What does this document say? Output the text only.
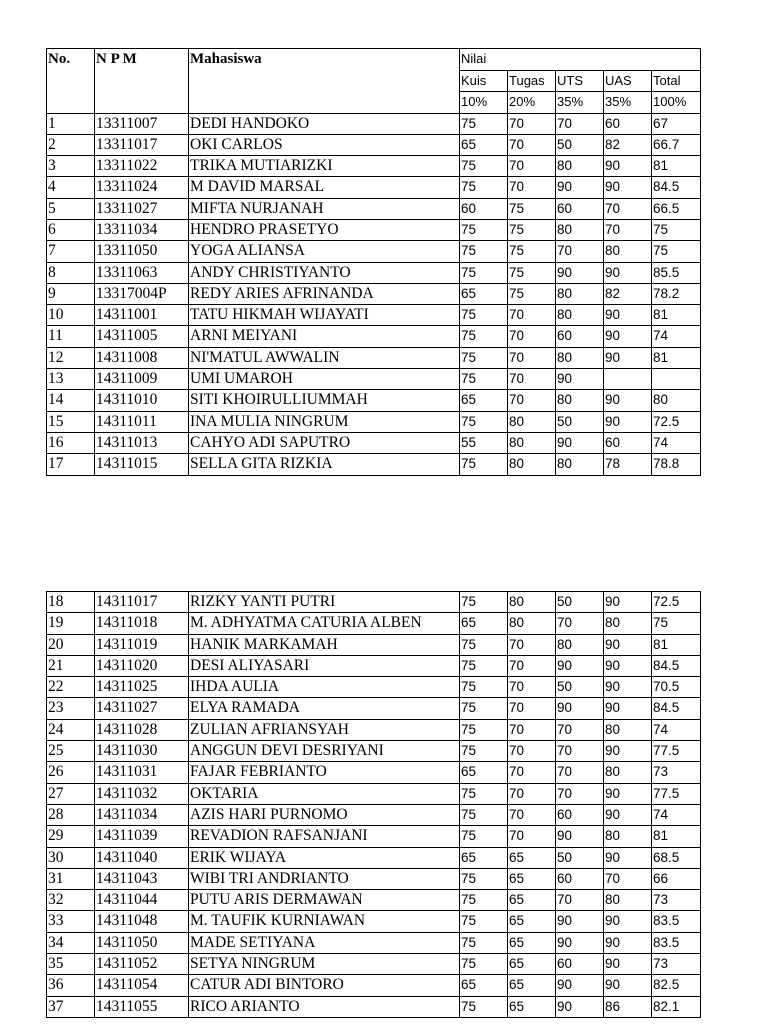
No.	N P M	Mahasiswa	Nilai				
			Kuis	Tugas	UTS	UAS	Total
			10%	20%	35%	35%	100%
1	13311007	DEDI HANDOKO	75	70	70	60	67
2	13311017	OKI CARLOS	65	70	50	82	66.7
3	13311022	TRIKA MUTIARIZKI	75	70	80	90	81
4	13311024	M DAVID MARSAL	75	70	90	90	84.5
5	13311027	MIFTA NURJANAH	60	75	60	70	66.5
6	13311034	HENDRO PRASETYO	75	75	80	70	75
7	13311050	YOGA ALIANSA	75	75	70	80	75
8	13311063	ANDY CHRISTIYANTO	75	75	90	90	85.5
9	13317004P	REDY ARIES AFRINANDA	65	75	80	82	78.2
10	14311001	TATU HIKMAH WIJAYATI	75	70	80	90	81
11	14311005	ARNI MEIYANI	75	70	60	90	74
12	14311008	NI'MATUL AWWALIN	75	70	80	90	81
13	14311009	UMI UMAROH	75	70	90		
14	14311010	SITI KHOIRULLIUMMAH	65	70	80	90	80
15	14311011	INA MULIA NINGRUM	75	80	50	90	72.5
16	14311013	CAHYO ADI SAPUTRO	55	80	90	60	74
17	14311015	SELLA GITA RIZKIA	75	80	80	78	78.8
18	14311017	RIZKY YANTI PUTRI	75	80	50	90	72.5
19	14311018	M. ADHYATMA CATURIA ALBEN	65	80	70	80	75
20	14311019	HANIK MARKAMAH	75	70	80	90	81
21	14311020	DESI ALIYASARI	75	70	90	90	84.5
22	14311025	IHDA AULIA	75	70	50	90	70.5
23	14311027	ELYA RAMADA	75	70	90	90	84.5
24	14311028	ZULIAN AFRIANSYAH	75	70	70	80	74
25	14311030	ANGGUN DEVI DESRIYANI	75	70	70	90	77.5
26	14311031	FAJAR FEBRIANTO	65	70	70	80	73
27	14311032	OKTARIA	75	70	70	90	77.5
28	14311034	AZIS HARI PURNOMO	75	70	60	90	74
29	14311039	REVADION RAFSANJANI	75	70	90	80	81
30	14311040	ERIK WIJAYA	65	65	50	90	68.5
31	14311043	WIBI TRI ANDRIANTO	75	65	60	70	66
32	14311044	PUTU ARIS DERMAWAN	75	65	70	80	73
33	14311048	M. TAUFIK KURNIAWAN	75	65	90	90	83.5
34	14311050	MADE SETIYANA	75	65	90	90	83.5
35	14311052	SETYA NINGRUM	75	65	60	90	73
36	14311054	CATUR ADI BINTORO	65	65	90	90	82.5
37	14311055	RICO ARIANTO	75	65	90	86	82.1
